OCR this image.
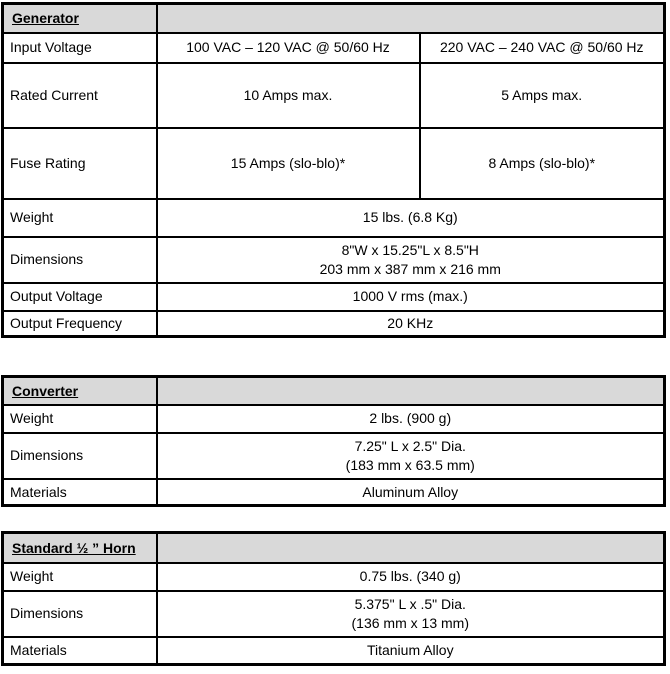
Generator		
Input Voltage	100 VAC – 120 VAC @ 50/60 Hz	220 VAC – 240 VAC @ 50/60 Hz
Rated Current	10 Amps max.	5 Amps max.
Fuse Rating	15 Amps (slo-blo)*	8 Amps (slo-blo)*
Weight	15 lbs. (6.8 Kg)	
Dimensions	8"W x 15.25"L x 8.5"H
203 mm x 387 mm x 216 mm	
Output Voltage	1000 V rms (max.)	
Output Frequency	20 KHz	
Converter	
Weight	2 lbs. (900 g)
Dimensions	7.25" L x 2.5" Dia.
(183 mm x 63.5 mm)
Materials	Aluminum Alloy
Standard ½ ” Horn	
Weight	0.75 lbs. (340 g)
Dimensions	5.375" L x .5" Dia.
(136 mm x 13 mm)
Materials	Titanium Alloy
